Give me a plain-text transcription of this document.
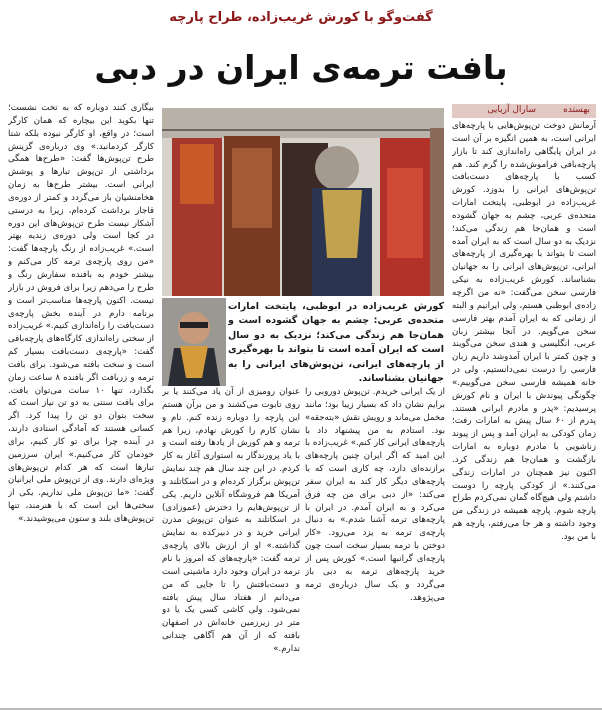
گفت‌وگو با کورش غریب‌زاده، طراح پارچه
بافت ترمه‌ی ایران در دبی
بهستده
سارال آریایی
کورش غریب‌زاده در ابوظبی، پایتخت امارات متحده‌ی عربی: چشم به جهان گشوده است و همان‌جا هم زندگی می‌کند؛ نزدیک به دو سال است که ایران آمده است تا بتواند با بهره‌گیری از پارچه‌های ایرانی، تن‌پوش‌های ایرانی را به جهانیان بشناساند.

آرمانش دوخت تن‌پوش‌هایی با پارچه‌های ایرانی است، به همین انگیزه بر آن است در ایران پایگاهی راه‌اندازی کند تا بازار پارچه‌بافی فراموش‌شده را گرم کند. هم کسب با پارچه‌های دست‌بافت تن‌پوش‌های ایرانی را بدوزد. کورش غریب‌زاده در ابوظبی، پایتخت امارات متحده‌ی عربی، چشم به جهان گشوده است و همان‌جا هم زندگی می‌کند؛ نزدیک به دو سال است که به ایران آمده است تا بتواند با بهره‌گیری از پارچه‌های ایرانی، تن‌پوش‌های ایرانی را به جهانیان بشناساند. کورش غریب‌زاده به نیکی فارسی سخن می‌گفت: «نه من اگرچه زاده‌ی ابوظبی هستم، ولی ایرانیم و البته از زمانی که به ایران آمدم بهتر فارسی سخن می‌گویم. در آنجا بیشتر زبان عربی، انگلیسی و هندی سخن می‌گویند و چون کمتر با ایران آمدوشد داریم زبان فارسی را درست نمی‌دانستیم، ولی در خانه همیشه فارسی سخن می‌گوییم.» چگونگی پیوندش با ایران و نام کورش پرسیدیم: «پدر و مادرم ایرانی هستند. پدرم از ۶۰ سال پیش به امارات رفت؛ زمان کودکی به ایران آمد و پس از پیوند زناشویی با مادرم دوباره به امارات بازگشت و همان‌جا هم زندگی کرد. اکنون نیز همچنان در امارات زندگی می‌کنند.» از کودکی پارچه را دوست داشتم ولی هیچ‌گاه گمان نمی‌کردم طراح پارچه شوم. پارچه همیشه در زندگی من وجود داشته و هر جا می‌رفتم، پارچه هم با من بود.

از یک ایرانی خریدم. تن‌پوش دوروبی را برایم نشان داد که بسیار زیبا بود؛ مانند مخمل می‌ماند و رویش نقش «بته‌جقه» بود. استادم به من پیشنهاد داد با پارچه‌های ایرانی کار کنم.» غریب‌زاده با این امید که اگر ایران چنین پارچه‌های برازنده‌ای دارد، چه کاری است که با پارچه‌های دیگر کار کند به ایران سفر می‌کند: «از دبی برای من چه فرق می‌کرد و به ایران آمدم. در ایران با پارچه‌های ترمه آشنا شدم.» به دنبال پارچه‌ی ترمه به یزد می‌رود. «کار دوختن با ترمه بسیار سخت است چون پارچه‌ای گرانبها است.» کورش پس از خرید پارچه‌های ترمه به دبی باز می‌گردد و یک سال درباره‌ی ترمه می‌پژوهد.

عنوان رومیزی از آن یاد می‌کنند یا بر روی تابوت می‌کشند و من برآن هستم این پارچه را دوباره زنده کنم. نام و نشان کارم را کورش نهادم، زیرا هم ترمه و هم کورش از یادها رفته است و با یاد پرورندگار به استواری آغاز به کار کردم. در این چند سال هم چند نمایش تن‌پوش برگزار کرده‌ام و در اسکاتلند و آمریکا هم فروشگاه آنلاین داریم. یکی از تن‌پوش‌هایم را دخترش (عموزادی) در اسکاتلند به عنوان تن‌پوش مدرن ایرانی خرید و در دبیرکده به نمایش گذاشته.» او از ارزش بالای پارچه‌ی ترمه گفت: «پارچه‌های که امروز با نام ترمه در ایران وجود دارد ماشینی است و دست‌بافتش را تا جایی که من می‌دانم از هفتاد سال پیش بافته نمی‌شود. ولی کاشی کسی یک یا دو متر در زیرزمین خانه‌اش در اصفهان بافته که از آن هم آگاهی چندانی ندارم.»

بیگاری کنند دوباره که به تخت نشست؛ تنها بکوید این بیچاره که همان کارگر است؛ در واقع، او کارگر نبوده بلکه شتا کارگر کردمانید.» وی درباره‌ی گزینش طرح تن‌پوش‌ها گفت: «طرح‌ها همگی برداشتی از تن‌پوش تبارها و پوشش ایرانی است. بیشتر طرح‌ها به زمان هخامنشیان باز می‌گردد و کمتر از دوره‌ی قاجار برداشت کرده‌ام، زیرا به درستی آشکار نیست طرح تن‌پوش‌های این دوره در کجا است ولی دوره‌ی زندیه بهتر است.» غریب‌زاده از رنگ پارچه‌ها گفت: «من روی پارچه‌ی ترمه کار می‌کنم و بیشتر خودم به بافنده سفارش رنگ و طرح را می‌دهم زیرا برای فروش در بازار تیست. اکنون پارچه‌ها مناسب‌تر است و برنامه دارم در آینده بخش پارچه‌ی دست‌بافت را راه‌اندازی کنیم.» غریب‌زاده از سختی راه‌اندازی کارگاه‌های پارچه‌بافی گفت: «پارچه‌ی دست‌بافت بسیار کم است و سخت بافته می‌شود. برای بافت ترمه و زربافت اگر بافنده ۸ ساعت زمان بگذارد، تنها ۱۰ سانت می‌توان بافت. برای بافت سنتی به دو تن نیاز است که سخت بتوان دو تن را پیدا کرد. اگر کسانی هستند که آمادگی استادی دارند، در آینده چرا برای تو کار کنیم، برای خودمان کار می‌کنیم.» ایران سرزمین تبارها است که هر کدام تن‌پوش‌های ویژه‌ای دارند. وی از تن‌پوش ملی ایرانیان گفت: «ما تن‌پوش ملی نداریم. یکی از سختی‌ها این است که با هنرمند، تنها تن‌پوش‌های بلند و ستون می‌پوشیدند.»
